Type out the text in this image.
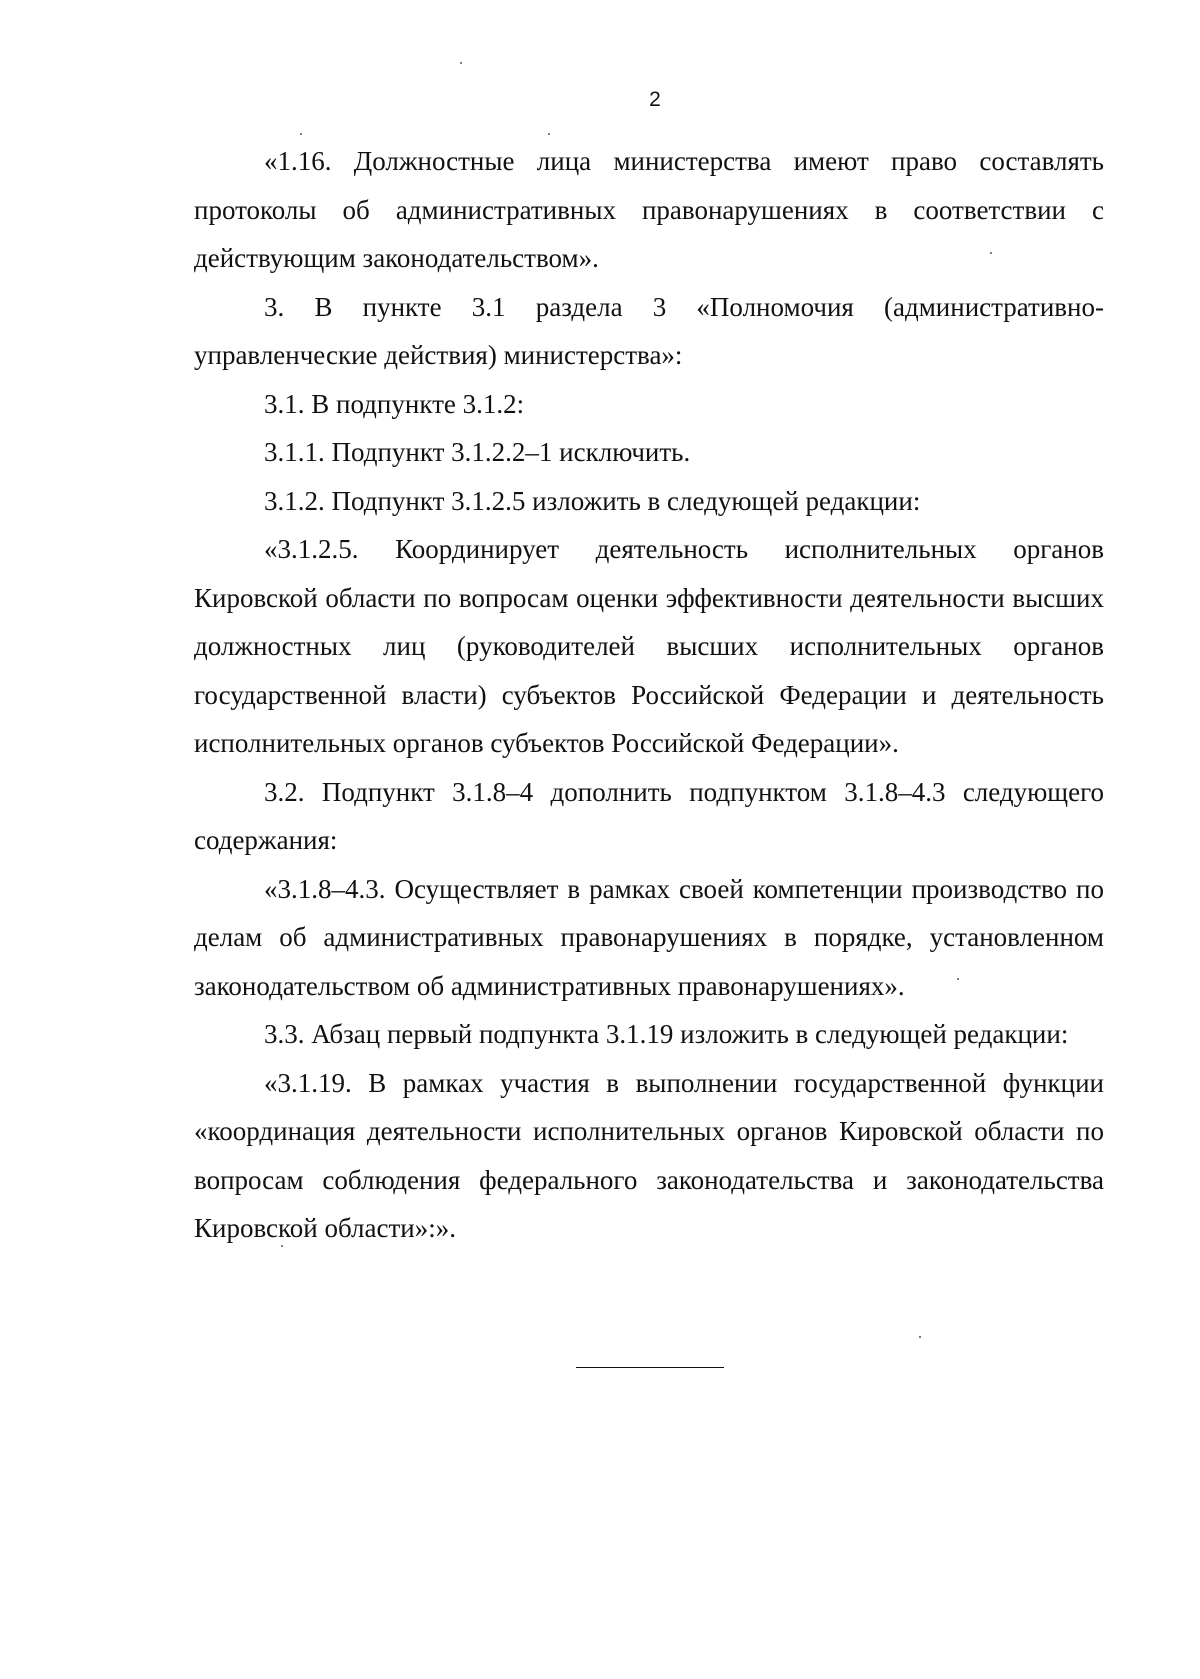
2

«1.16. Должностные лица министерства имеют право составлять протоколы об административных правонарушениях в соответствии с действующим законодательством».

3. В пункте 3.1 раздела 3 «Полномочия (административно-управленческие действия) министерства»:

3.1. В подпункте 3.1.2:

3.1.1. Подпункт 3.1.2.2–1 исключить.

3.1.2. Подпункт 3.1.2.5 изложить в следующей редакции:

«3.1.2.5. Координирует деятельность исполнительных органов Кировской области по вопросам оценки эффективности деятельности высших должностных лиц (руководителей высших исполнительных органов государственной власти) субъектов Российской Федерации и деятельность исполнительных органов субъектов Российской Федерации».

3.2. Подпункт 3.1.8–4 дополнить подпунктом 3.1.8–4.3 следующего содержания:

«3.1.8–4.3. Осуществляет в рамках своей компетенции производство по делам об административных правонарушениях в порядке, установленном законодательством об административных правонарушениях».

3.3. Абзац первый подпункта 3.1.19 изложить в следующей редакции:

«3.1.19. В рамках участия в выполнении государственной функции «координация деятельности исполнительных органов Кировской области по вопросам соблюдения федерального законодательства и законодательства Кировской области»:».
